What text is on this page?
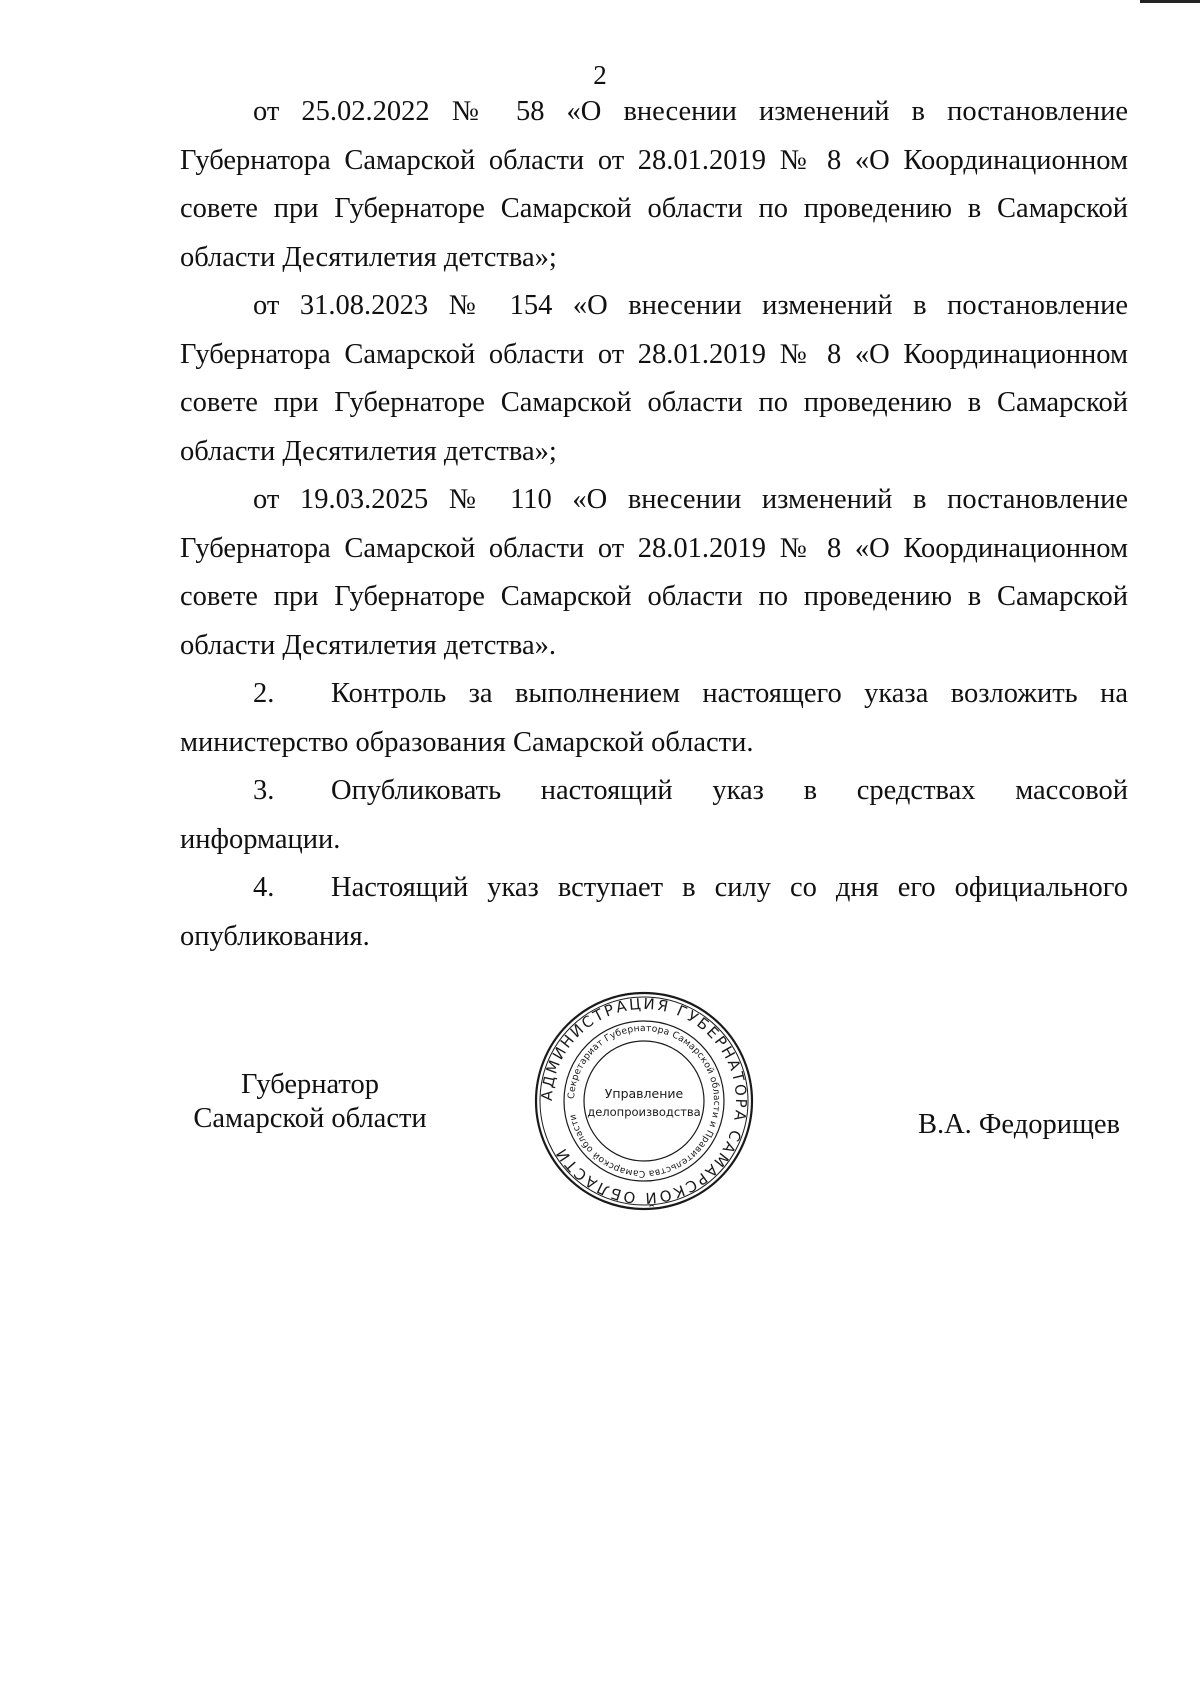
2

от 25.02.2022 № 58 «О внесении изменений в постановление Губернатора Самарской области от 28.01.2019 № 8 «О Координационном совете при Губернаторе Самарской области по проведению в Самарской области Десятилетия детства»;

от 31.08.2023 № 154 «О внесении изменений в постановление Губернатора Самарской области от 28.01.2019 № 8 «О Координационном совете при Губернаторе Самарской области по проведению в Самарской области Десятилетия детства»;

от 19.03.2025 № 110 «О внесении изменений в постановление Губернатора Самарской области от 28.01.2019 № 8 «О Координационном совете при Губернаторе Самарской области по проведению в Самарской области Десятилетия детства».

2. Контроль за выполнением настоящего указа возложить на министерство образования Самарской области.

3. Опубликовать настоящий указ в средствах массовой информации.

4. Настоящий указ вступает в силу со дня его официального опубликования.

Губернатор
Самарской области	В.А. Федорищев
АДМИНИСТРАЦИЯ ГУБЕРНАТОРА САМАРСКОЙ ОБЛАСТИ
Секретариат Губернатора Самарской области и Правительства Самарской области
Управление
делопроизводства
